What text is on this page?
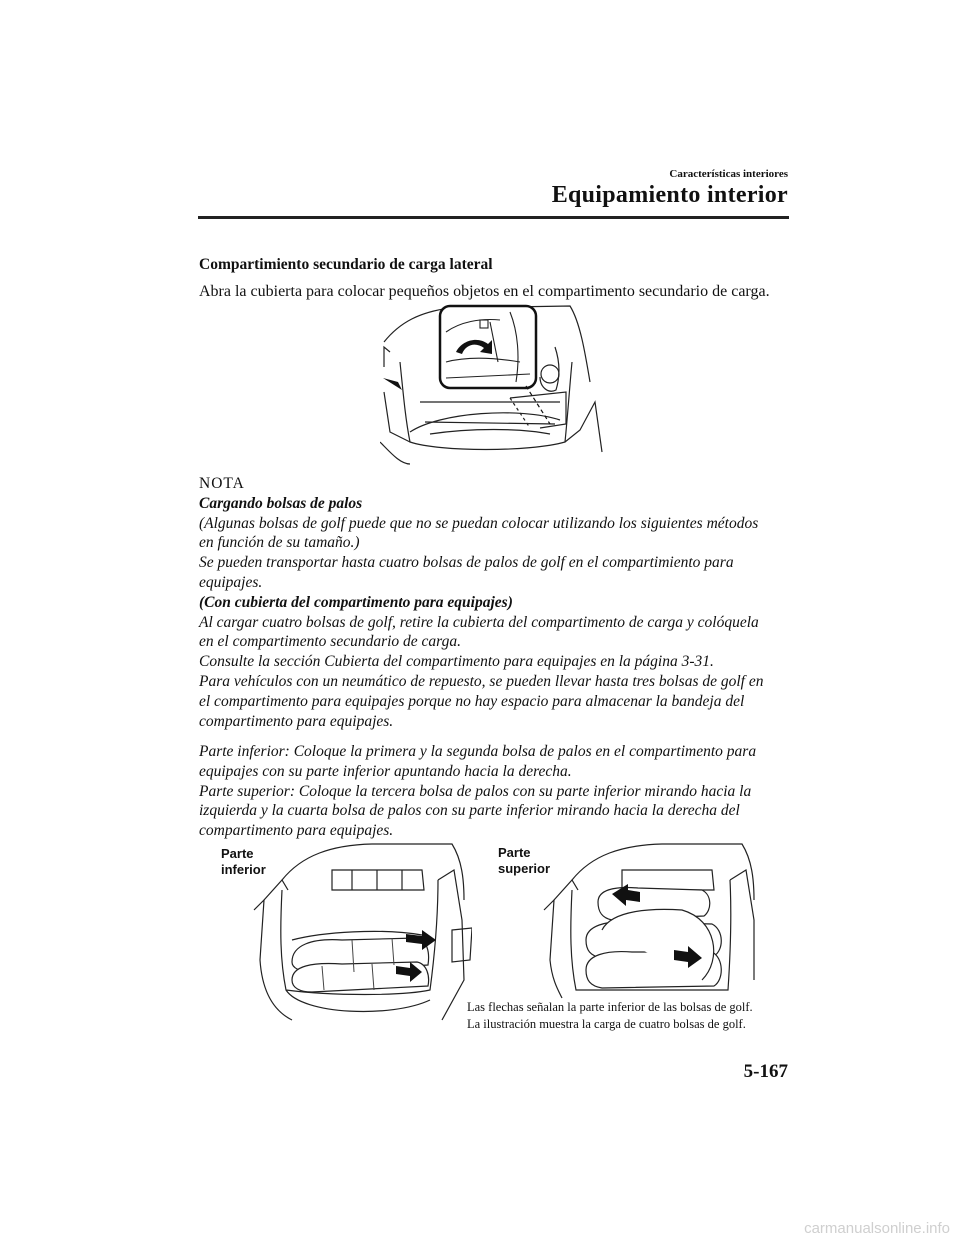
Características interiores
Equipamiento interior
Compartimiento secundario de carga lateral
Abra la cubierta para colocar pequeños objetos en el compartimento secundario de carga.
NOTA
Cargando bolsas de palos
(Algunas bolsas de golf puede que no se puedan colocar utilizando los siguientes métodos
en función de su tamaño.)
Se pueden transportar hasta cuatro bolsas de palos de golf en el compartimiento para
equipajes.
(Con cubierta del compartimento para equipajes)
Al cargar cuatro bolsas de golf, retire la cubierta del compartimento de carga y colóquela
en el compartimento secundario de carga.
Consulte la sección Cubierta del compartimento para equipajes en la página 3-31.
Para vehículos con un neumático de repuesto, se pueden llevar hasta tres bolsas de golf en
el compartimento para equipajes porque no hay espacio para almacenar la bandeja del
compartimento para equipajes.
Parte inferior: Coloque la primera y la segunda bolsa de palos en el compartimento para
equipajes con su parte inferior apuntando hacia la derecha.
Parte superior: Coloque la tercera bolsa de palos con su parte inferior mirando hacia la
izquierda y la cuarta bolsa de palos con su parte inferior mirando hacia la derecha del
compartimento para equipajes.
Parte
inferior
Parte
superior
Las flechas señalan la parte inferior de las bolsas de golf.
La ilustración muestra la carga de cuatro bolsas de golf.
5-167
carmanualsonline.info
